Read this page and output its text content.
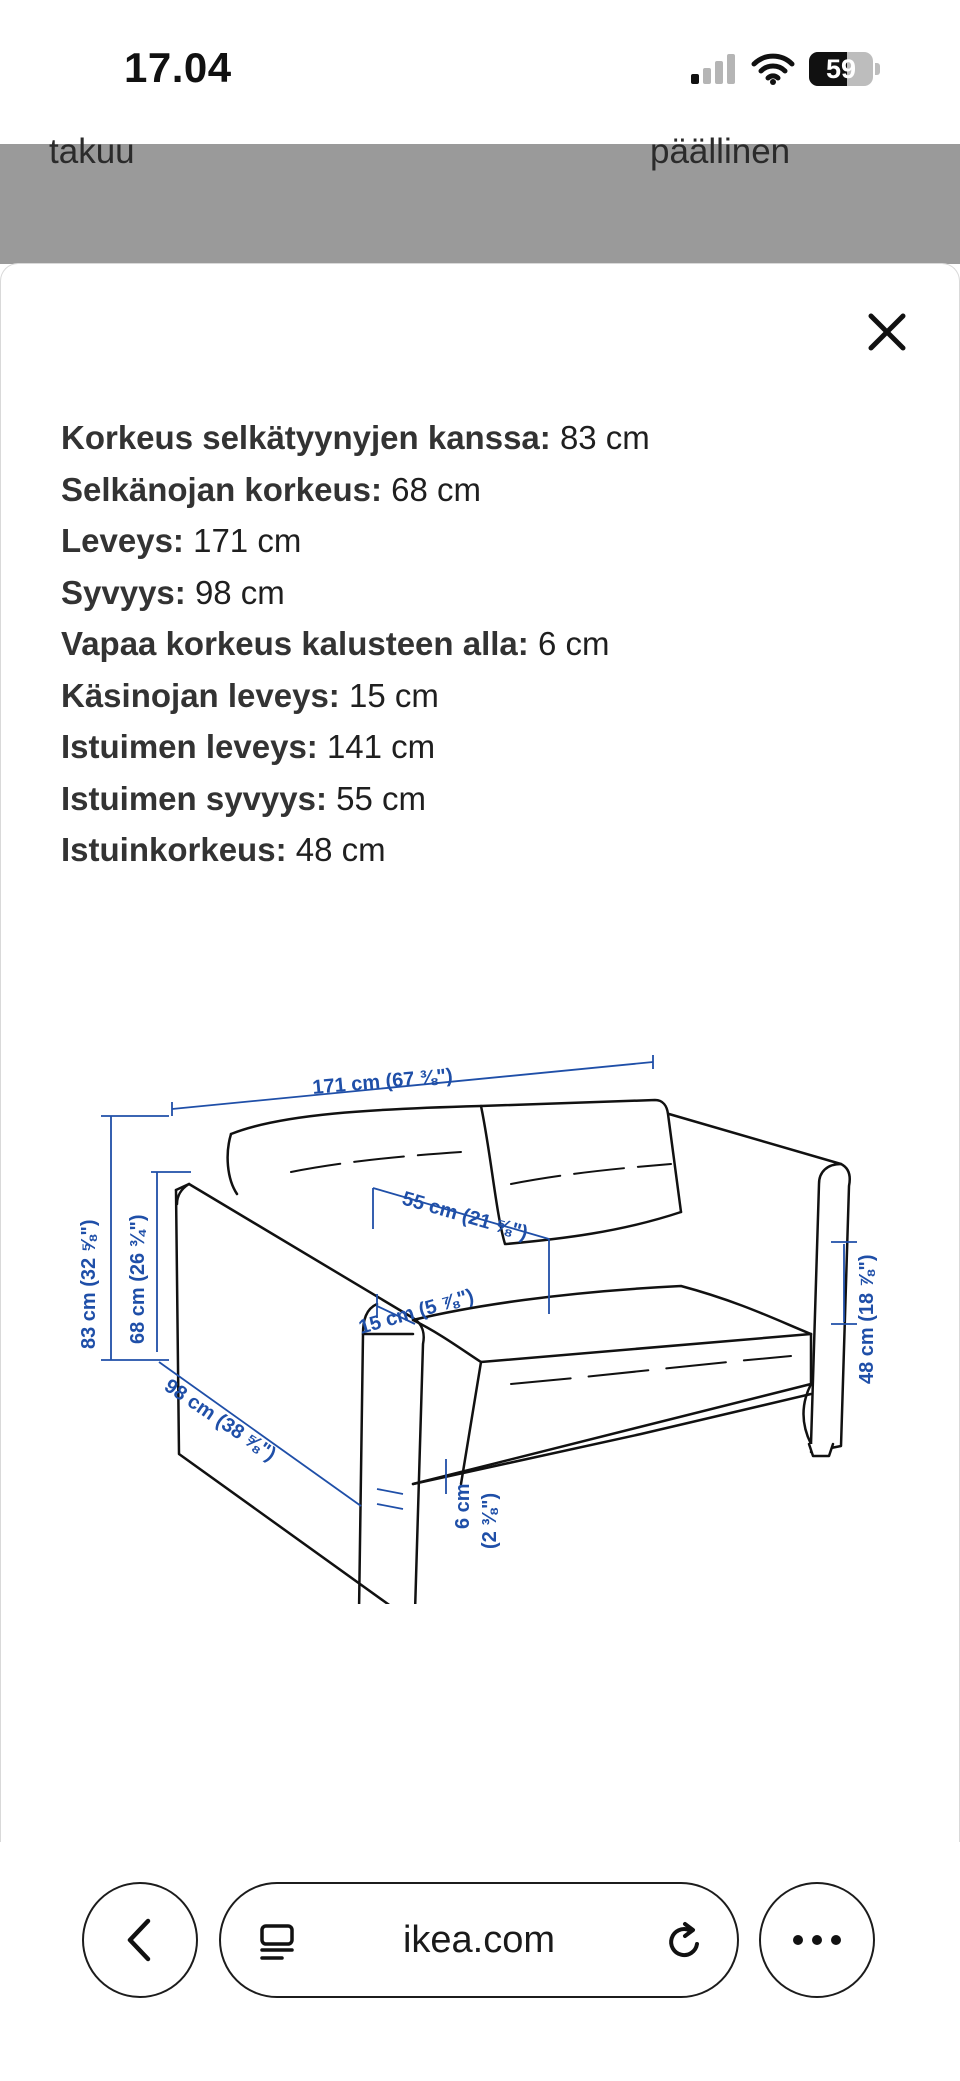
17.04	59
takuu	päällinen
Korkeus selkätyynyjen kanssa: 83 cm
Selkänojan korkeus: 68 cm
Leveys: 171 cm
Syvyys: 98 cm
Vapaa korkeus kalusteen alla: 6 cm
Käsinojan leveys: 15 cm
Istuimen leveys: 141 cm
Istuimen syvyys: 55 cm
Istuinkorkeus: 48 cm
171 cm (67 ⅜")
83 cm (32 ⅝") 68 cm (26 ¾")	55 cm (21 ⅝")
15 cm (5 ⅞")	48 cm (18 ⅞")
98 cm (38 ⅝")
6 cm (2 ⅜")
ikea.com
